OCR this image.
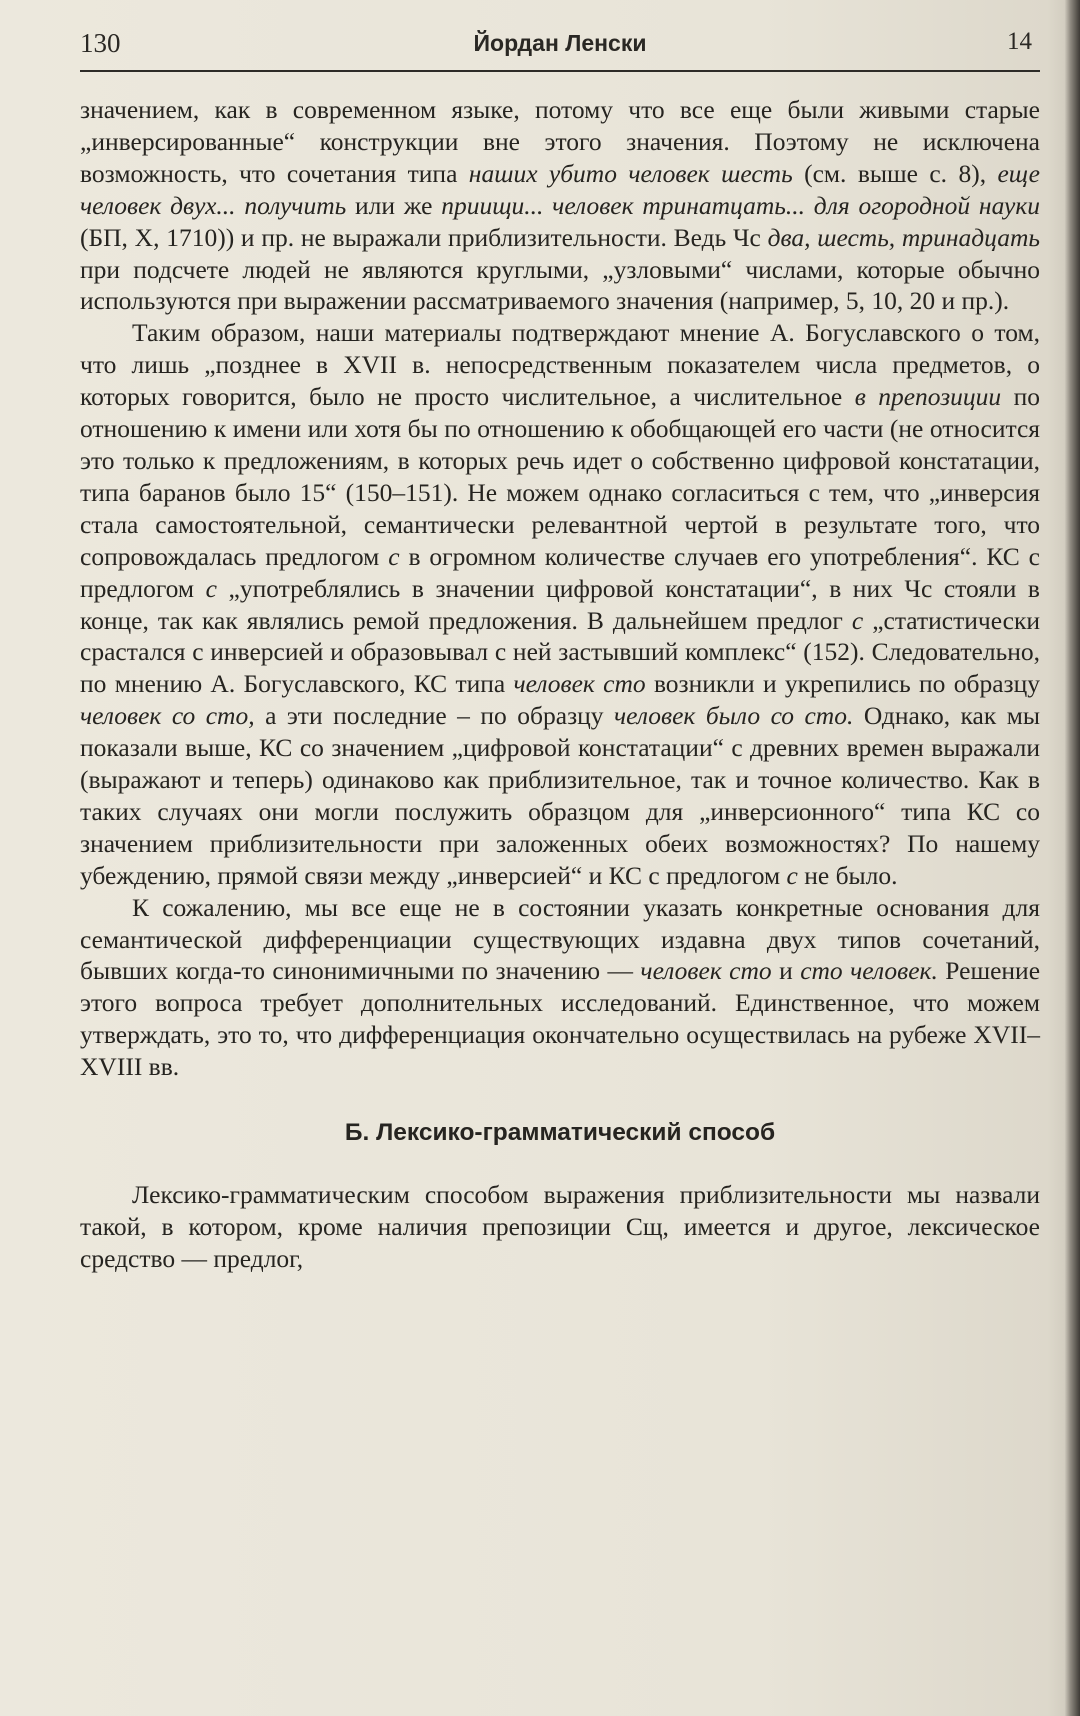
130	Йордан Ленски	14

значением, как в современном языке, потому что все еще были живыми старые „инверсированные“ конструкции вне этого значения. Поэтому не исключена возможность, что сочетания типа наших убито человек шесть (см. выше с. 8), еще человек двух... получить или же приищи... человек тринатцать... для огородной науки (БП, X, 1710)) и пр. не выражали приблизительности. Ведь Чс два, шесть, тринадцать при подсчете людей не являются круглыми, „узловыми“ числами, которые обычно используются при выражении рассматриваемого значения (например, 5, 10, 20 и пр.).

Таким образом, наши материалы подтверждают мнение А. Богуславского о том, что лишь „позднее в XVII в. непосредственным показателем числа предметов, о которых говорится, было не просто числительное, а числительное в препозиции по отношению к имени или хотя бы по отношению к обобщающей его части (не относится это только к предложениям, в которых речь идет о собственно цифровой констатации, типа баранов было 15“ (150–151). Не можем однако согласиться с тем, что „инверсия стала самостоятельной, семантически релевантной чертой в результате того, что сопровождалась предлогом с в огромном количестве случаев его употребления“. КС с предлогом с „употреблялись в значении цифровой констатации“, в них Чс стояли в конце, так как являлись ремой предложения. В дальнейшем предлог с „статистически срастался с инверсией и образовывал с ней застывший комплекс“ (152). Следовательно, по мнению А. Богуславского, КС типа человек сто возникли и укрепились по образцу человек со сто, а эти последние – по образцу человек было со сто. Однако, как мы показали выше, КС со значением „цифровой констатации“ с древних времен выражали (выражают и теперь) одинаково как приблизительное, так и точное количество. Как в таких случаях они могли послужить образцом для „инверсионного“ типа КС со значением приблизительности при заложенных обеих возможностях? По нашему убеждению, прямой связи между „инверсией“ и КС с предлогом с не было.

К сожалению, мы все еще не в состоянии указать конкретные основания для семантической дифференциации существующих издавна двух типов сочетаний, бывших когда-то синонимичными по значению — человек сто и сто человек. Решение этого вопроса требует дополнительных исследований. Единственное, что можем утверждать, это то, что дифференциация окончательно осуществилась на рубеже XVII–XVIII вв.

Б. Лексико-грамматический способ

Лексико-грамматическим способом выражения приблизительности мы назвали такой, в котором, кроме наличия препозиции Сщ, имеется и другое, лексическое средство — предлог,
